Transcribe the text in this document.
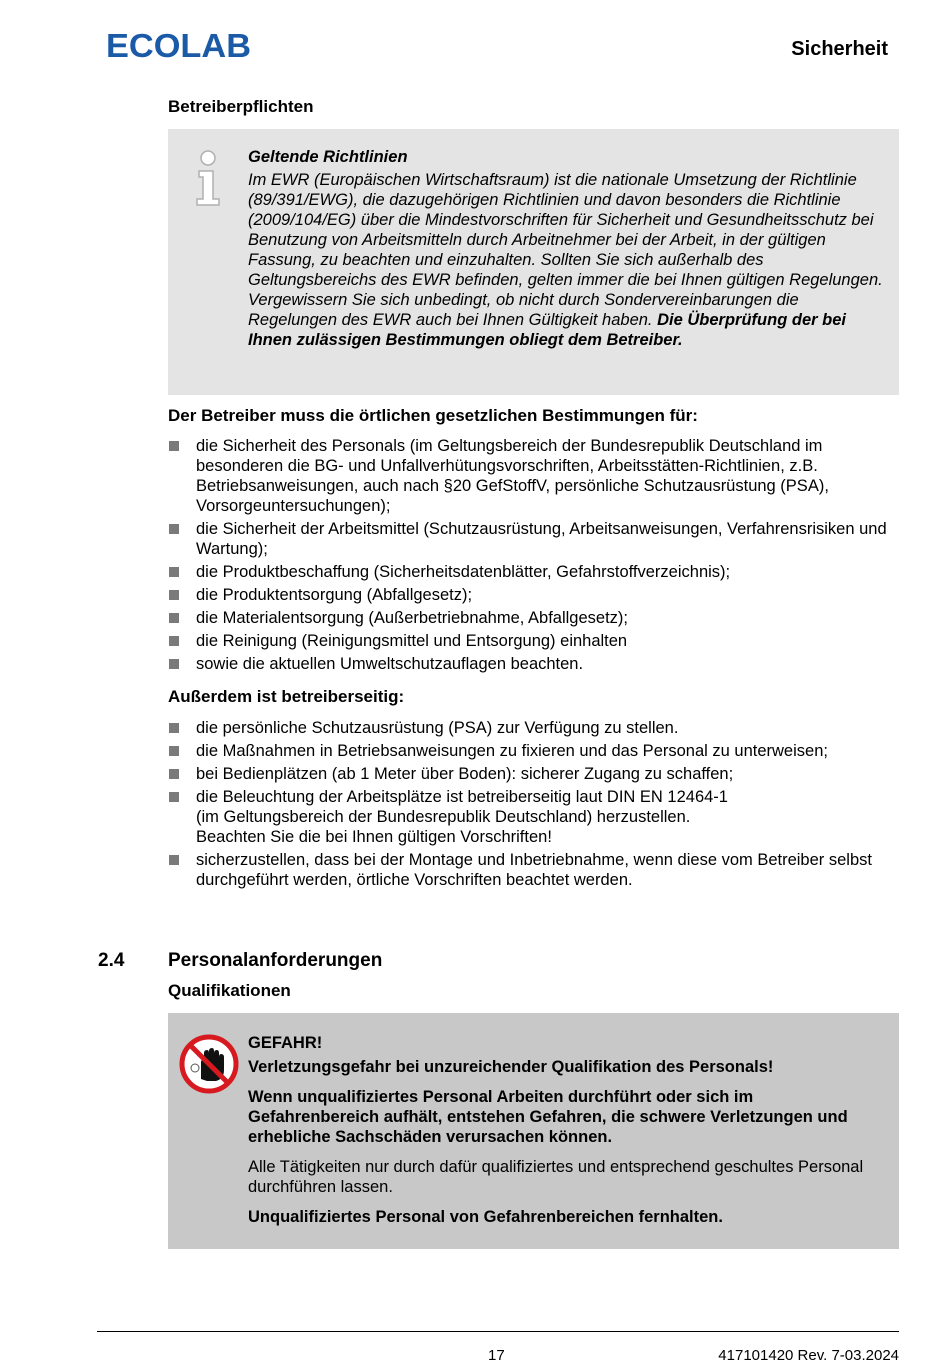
ECOLAB	Sicherheit
Betreiberpflichten
Geltende Richtlinien
Im EWR (Europäischen Wirtschaftsraum) ist die nationale Umsetzung der Richtlinie (89/391/EWG), die dazugehörigen Richtlinien und davon besonders die Richtlinie (2009/104/EG) über die Mindestvorschriften für Sicherheit und Gesundheitsschutz bei Benutzung von Arbeitsmitteln durch Arbeitnehmer bei der Arbeit, in der gültigen Fassung, zu beachten und einzuhalten. Sollten Sie sich außerhalb des Geltungsbereichs des EWR befinden, gelten immer die bei Ihnen gültigen Regelungen. Vergewissern Sie sich unbedingt, ob nicht durch Sondervereinbarungen die Regelungen des EWR auch bei Ihnen Gültigkeit haben. Die Überprüfung der bei Ihnen zulässigen Bestimmungen obliegt dem Betreiber.
Der Betreiber muss die örtlichen gesetzlichen Bestimmungen für:
die Sicherheit des Personals (im Geltungsbereich der Bundesrepublik Deutschland im besonderen die BG- und Unfallverhütungsvorschriften, Arbeitsstätten-Richtlinien, z.B. Betriebsanweisungen, auch nach §20 GefStoffV, persönliche Schutzausrüstung (PSA), Vorsorgeuntersuchungen);
die Sicherheit der Arbeitsmittel (Schutzausrüstung, Arbeitsanweisungen, Verfahrensrisiken und Wartung);
die Produktbeschaffung (Sicherheitsdatenblätter, Gefahrstoffverzeichnis);
die Produktentsorgung (Abfallgesetz);
die Materialentsorgung (Außerbetriebnahme, Abfallgesetz);
die Reinigung (Reinigungsmittel und Entsorgung) einhalten
sowie die aktuellen Umweltschutzauflagen beachten.
Außerdem ist betreiberseitig:
die persönliche Schutzausrüstung (PSA) zur Verfügung zu stellen.
die Maßnahmen in Betriebsanweisungen zu fixieren und das Personal zu unterweisen;
bei Bedienplätzen (ab 1 Meter über Boden): sicherer Zugang zu schaffen;
die Beleuchtung der Arbeitsplätze ist betreiberseitig laut DIN EN 12464-1
(im Geltungsbereich der Bundesrepublik Deutschland) herzustellen.
Beachten Sie die bei Ihnen gültigen Vorschriften!
sicherzustellen, dass bei der Montage und Inbetriebnahme, wenn diese vom Betreiber selbst durchgeführt werden, örtliche Vorschriften beachtet werden.
2.4 Personalanforderungen
Qualifikationen

GEFAHR!

Verletzungsgefahr bei unzureichender Qualifikation des Personals!

Wenn unqualifiziertes Personal Arbeiten durchführt oder sich im Gefahrenbereich aufhält, entstehen Gefahren, die schwere Verletzungen und erhebliche Sachschäden verursachen können.

Alle Tätigkeiten nur durch dafür qualifiziertes und entsprechend geschultes Personal durchführen lassen.

Unqualifiziertes Personal von Gefahrenbereichen fernhalten.

17	417101420 Rev. 7-03.2024
